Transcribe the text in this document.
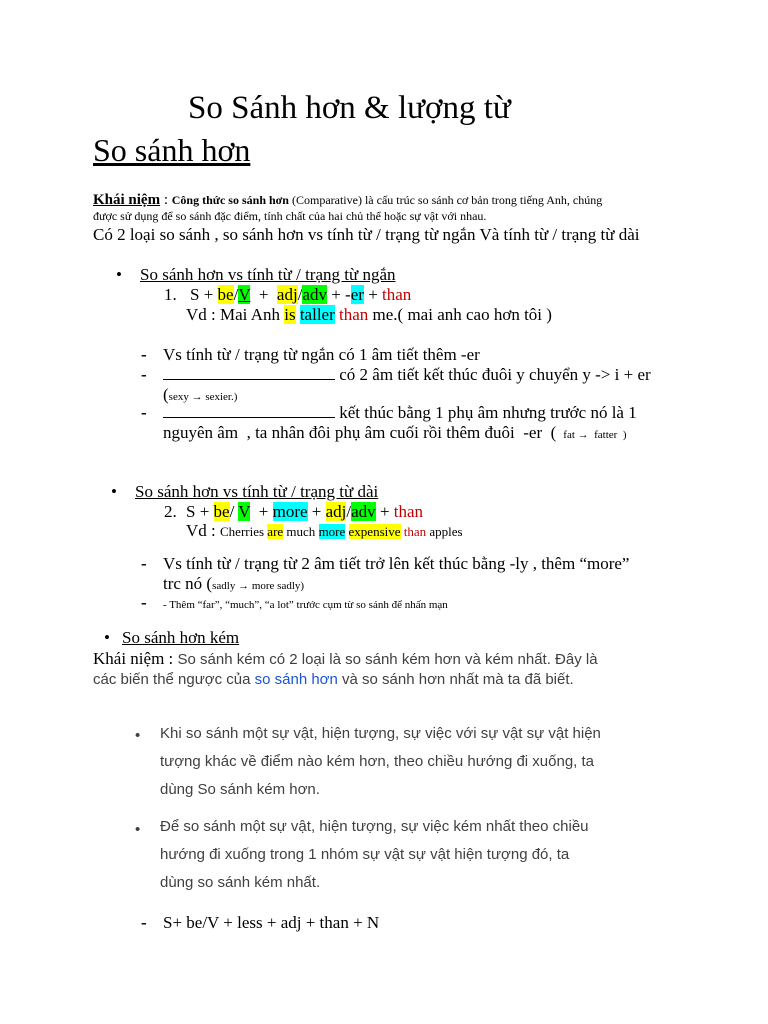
So Sánh hơn & lượng từ
So sánh hơn
Khái niệm : Công thức so sánh hơn (Comparative) là cấu trúc so sánh cơ bản trong tiếng Anh, chúng
được sử dụng để so sánh đặc điểm, tính chất của hai chủ thể hoặc sự vật với nhau.
Có 2 loại so sánh , so sánh hơn vs tính từ / trạng từ ngắn Và tính từ / trạng từ dài
• So sánh hơn vs tính từ / trạng từ ngắn
1. S + be/V  +  adj/adv + -er + than
Vd : Mai Anh is taller than me.( mai anh cao hơn tôi )
- Vs tính từ / trạng từ ngắn có 1 âm tiết thêm -er
-	có 2 âm tiết kết thúc đuôi y chuyển y -> i + er
(sexy → sexier.)
-	kết thúc bằng 1 phụ âm nhưng trước nó là 1
nguyên âm  , ta nhân đôi phụ âm cuối rồi thêm đuôi  -er  (  fat →  fatter  )
• So sánh hơn vs tính từ / trạng từ dài
2. S + be/ V  + more + adj/adv + than
Vd : Cherries are much more expensive than apples
- Vs tính từ / trạng từ 2 âm tiết trở lên kết thúc bằng -ly , thêm “more”
trc nó (sadly → more sadly)
- - Thêm “far”, “much”, “a lot” trước cụm từ so sánh để nhấn mạn
• So sánh hơn kém
Khái niệm : So sánh kém có 2 loại là so sánh kém hơn và kém nhất. Đây là
các biến thể ngược của so sánh hơn và so sánh hơn nhất mà ta đã biết.
• Khi so sánh một sự vật, hiện tượng, sự việc với sự vật sự vật hiện
tượng khác về điểm nào kém hơn, theo chiều hướng đi xuống, ta
dùng So sánh kém hơn.
• Để so sánh một sự vật, hiện tượng, sự việc kém nhất theo chiều
hướng đi xuống trong 1 nhóm sự vật sự vật hiện tượng đó, ta
dùng so sánh kém nhất.
- S+ be/V + less + adj + than + N
